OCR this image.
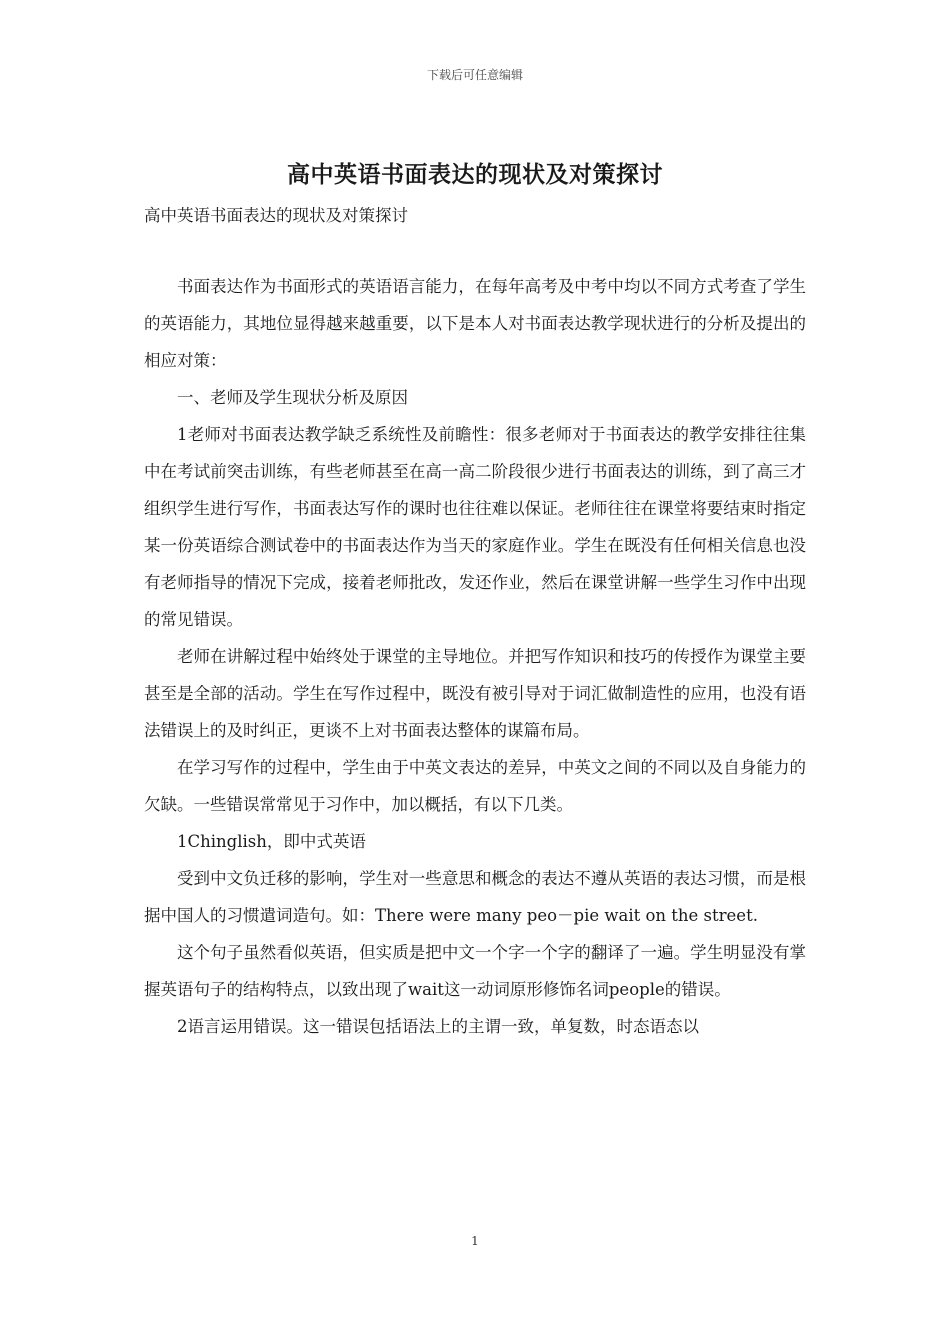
下载后可任意编辑
高中英语书面表达的现状及对策探讨
高中英语书面表达的现状及对策探讨

书面表达作为书面形式的英语语言能力，在每年高考及中考中均以不同方式考查了学生的英语能力，其地位显得越来越重要，以下是本人对书面表达教学现状进行的分析及提出的相应对策：

一、老师及学生现状分析及原因

1老师对书面表达教学缺乏系统性及前瞻性：很多老师对于书面表达的教学安排往往集中在考试前突击训练，有些老师甚至在高一高二阶段很少进行书面表达的训练，到了高三才组织学生进行写作，书面表达写作的课时也往往难以保证。老师往往在课堂将要结束时指定某一份英语综合测试卷中的书面表达作为当天的家庭作业。学生在既没有任何相关信息也没有老师指导的情况下完成，接着老师批改，发还作业，然后在课堂讲解一些学生习作中出现的常见错误。

老师在讲解过程中始终处于课堂的主导地位。并把写作知识和技巧的传授作为课堂主要甚至是全部的活动。学生在写作过程中，既没有被引导对于词汇做制造性的应用，也没有语法错误上的及时纠正，更谈不上对书面表达整体的谋篇布局。

在学习写作的过程中，学生由于中英文表达的差异，中英文之间的不同以及自身能力的欠缺。一些错误常常见于习作中，加以概括，有以下几类。

1Chinglish，即中式英语

受到中文负迁移的影响，学生对一些意思和概念的表达不遵从英语的表达习惯，而是根据中国人的习惯遣词造句。如：There were many peo－pie wait on the street.

这个句子虽然看似英语，但实质是把中文一个字一个字的翻译了一遍。学生明显没有掌握英语句子的结构特点，以致出现了wait这一动词原形修饰名词people的错误。

2语言运用错误。这一错误包括语法上的主谓一致，单复数，时态语态以

1
